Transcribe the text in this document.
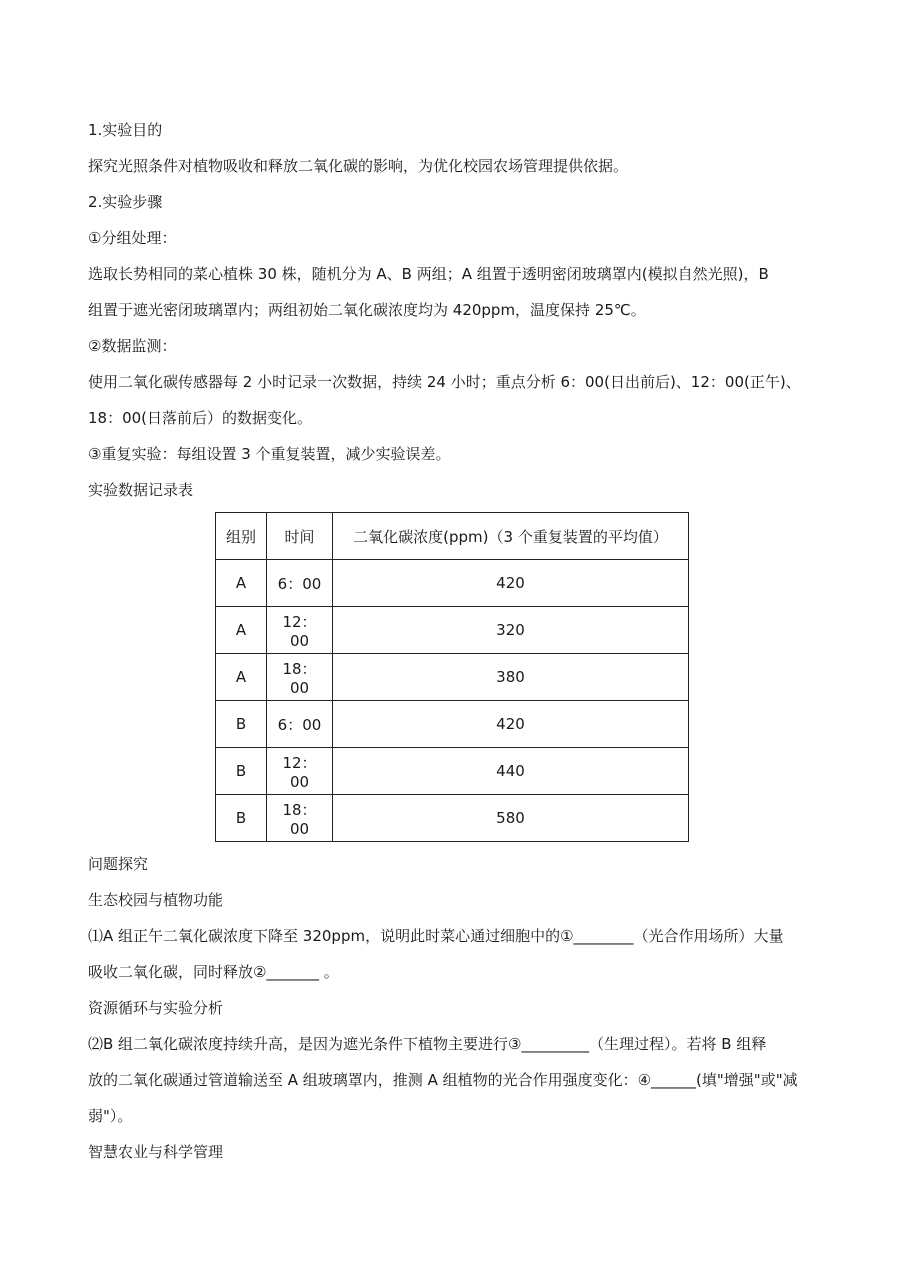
1.实验目的

探究光照条件对植物吸收和释放二氧化碳的影响，为优化校园农场管理提供依据。

2.实验步骤

①分组处理：

选取长势相同的菜心植株 30 株，随机分为 A、B 两组；A 组置于透明密闭玻璃罩内(模拟自然光照)，B

组置于遮光密闭玻璃罩内；两组初始二氧化碳浓度均为 420ppm，温度保持 25℃。

②数据监测：

使用二氧化碳传感器每 2 小时记录一次数据，持续 24 小时；重点分析 6：00(日出前后)、12：00(正午)、

18：00(日落前后）的数据变化。

③重复实验：每组设置 3 个重复装置，减少实验误差。

实验数据记录表

组别	时间	二氧化碳浓度(ppm)（3 个重复装置的平均值）
A	6：00	420
A	12：00	320
A	18：00	380
B	6：00	420
B	12：00	440
B	18：00	580

问题探究

生态校园与植物功能

⑴A 组正午二氧化碳浓度下降至 320ppm，说明此时菜心通过细胞中的①________（光合作用场所）大量

吸收二氧化碳，同时释放②_______ 。

资源循环与实验分析

⑵B 组二氧化碳浓度持续升高，是因为遮光条件下植物主要进行③_________（生理过程）。若将 B 组释

放的二氧化碳通过管道输送至 A 组玻璃罩内，推测 A 组植物的光合作用强度变化：④______(填"增强"或"减

弱"）。

智慧农业与科学管理
